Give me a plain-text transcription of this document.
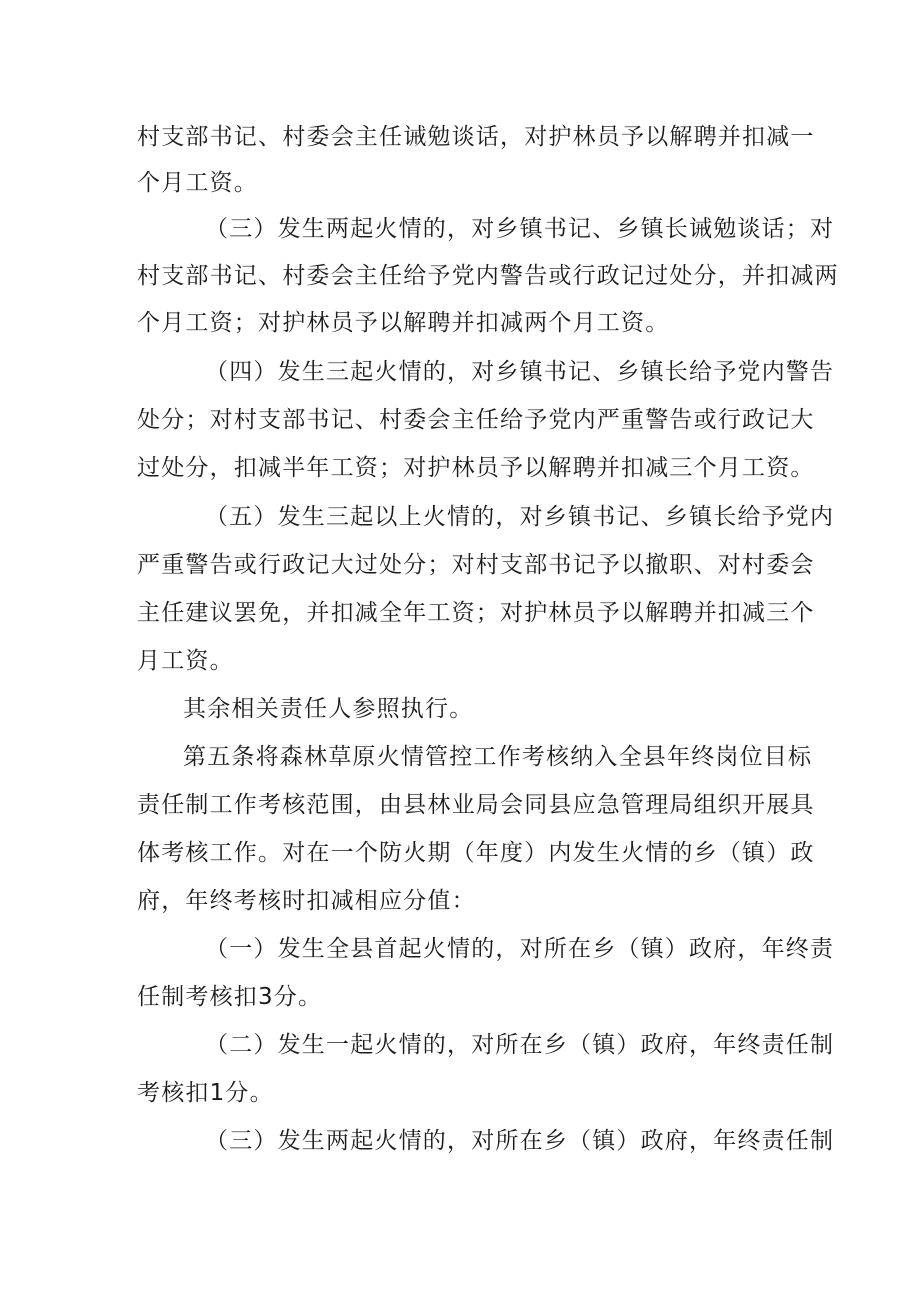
村支部书记、村委会主任诫勉谈话，对护林员予以解聘并扣减一
个月工资。
（三）发生两起火情的，对乡镇书记、乡镇长诫勉谈话；对
村支部书记、村委会主任给予党内警告或行政记过处分，并扣减两
个月工资；对护林员予以解聘并扣减两个月工资。
（四）发生三起火情的，对乡镇书记、乡镇长给予党内警告
处分；对村支部书记、村委会主任给予党内严重警告或行政记大
过处分，扣减半年工资；对护林员予以解聘并扣减三个月工资。
（五）发生三起以上火情的，对乡镇书记、乡镇长给予党内
严重警告或行政记大过处分；对村支部书记予以撤职、对村委会
主任建议罢免，并扣减全年工资；对护林员予以解聘并扣减三个
月工资。
其余相关责任人参照执行。
第五条将森林草原火情管控工作考核纳入全县年终岗位目标
责任制工作考核范围，由县林业局会同县应急管理局组织开展具
体考核工作。对在一个防火期（年度）内发生火情的乡（镇）政
府，年终考核时扣减相应分值：
（一）发生全县首起火情的，对所在乡（镇）政府，年终责
任制考核扣3分。
（二）发生一起火情的，对所在乡（镇）政府，年终责任制
考核扣1分。
（三）发生两起火情的，对所在乡（镇）政府，年终责任制
